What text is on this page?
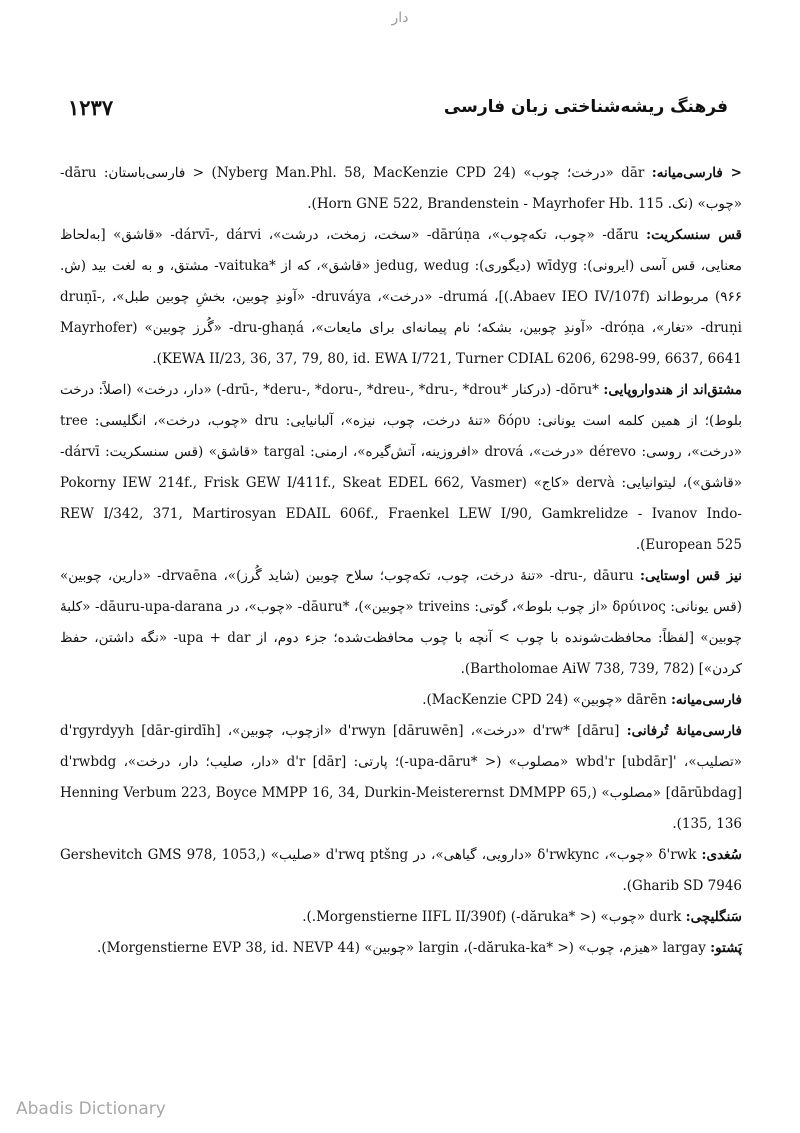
دار
۱۲۳۷	فرهنگ ریشه‌شناختی زبان فارسی

< فارسی‌میانه: dār «درخت؛ چوب» (Nyberg Man.Phl. 58, MacKenzie CPD 24) < فارسی‌باستان: dāru- «چوب» (نک. Horn GNE 522, Brandenstein - Mayrhofer Hb. 115).

قس سنسکریت: dā́ru- «چوب، تکه‌چوب»، dārúṇa- «سخت، زمخت، درشت»، dárvī-, dárvi- «قاشق» [به‌لحاظ معنایی، قس آسی (ایرونی): wīdyg (دیگوری): jedug, wedug «قاشق»، که از *vaituka- مشتق، و به لغت بید (ش. ۹۶۶) مربوط‌اند (Abaev IEO IV/107f.)]، drumá- «درخت»، druváya- «آوندِ چوبین، بخشِ چوبین طبل»، druṇī-, druṇi- «تغار»، dróṇa- «آوندِ چوبین، بشکه؛ نام پیمانه‌ای برای مایعات»، dru-ghaṇá- «گُرز چوبین» (Mayrhofer KEWA II/23, 36, 37, 79, 80, id. EWA I/721, Turner CDIAL 6206, 6298-99, 6637, 6641).

مشتق‌اند از هندواروپایی: *dōru- (درکنار *drū-, *deru-, *doru-, *dreu-, *dru-, *drou-) «دار، درخت» (اصلاً: درخت بلوط)؛ از همین کلمه است یونانی: δόρυ «تنهٔ درخت، چوب، نیزه»، آلبانیایی: dru «چوب، درخت»، انگلیسی: tree «درخت»، روسی: dérevo «درخت»، drová «افروزینه، آتش‌گیره»، ارمنی: targal «قاشق» (قس سنسکریت: dárvī- «قاشق»)، لیتوانیایی: dervà «کاج» (Pokorny IEW 214f., Frisk GEW I/411f., Skeat EDEL 662, Vasmer REW I/342, 371, Martirosyan EDAIL 606f., Fraenkel LEW I/90, Gamkrelidze - Ivanov Indo-European 525).

نیز قس اوستایی: dru-, dāuru- «تنهٔ درخت، چوب، تکه‌چوب؛ سلاح چوبین (شاید گُرز)»، drvaēna- «دارین، چوبین» (قس یونانی: δρύινος «از چوب بلوط»، گوتی: triveins «چوبین»)، *dāuru- «چوب»، در dāuru-upa-darana- «کلبهٔ چوبین» [لفظاً: محافظت‌شونده با چوب > آنچه با چوب محافظت‌شده؛ جزء دوم، از upa + dar- «نگه داشتن، حفظ کردن»] (Bartholomae AiW 738, 739, 782).

فارسی‌میانه: dārēn «چوبین» (MacKenzie CPD 24).

فارسی‌میانهٔ تُرفانی: d'rw* [dāru] «درخت»، d'rwyn [dāruwēn] «ازچوب، چوبین»، d'rgyrdyyh [dār-girdīh] «تصلیب»، 'wbd'r [ubdār] «مصلوب» (< *upa-dāru-)؛ پارتی: d'r [dār] «دار، صلیب؛ دار، درخت»، d'rwbdg [dārūbdag] «مصلوب» (Henning Verbum 223, Boyce MMPP 16, 34, Durkin-Meisterernst DMMPP 65, 135, 136).

سُغدی: δ'rwk «چوب»، δ'rwkync «دارویی، گیاهی»، در d'rwq ptšng «صلیب» (Gershevitch GMS 978, 1053, Gharib SD 7946).

سَنگلیچی: durk «چوب» (< *dăruka-) (Morgenstierne IIFL II/390f.).

پَشتو: largay «هیزم، چوب» (< *dăruka-ka-)، largin «چوبین» (Morgenstierne EVP 38, id. NEVP 44).

Abadis Dictionary
